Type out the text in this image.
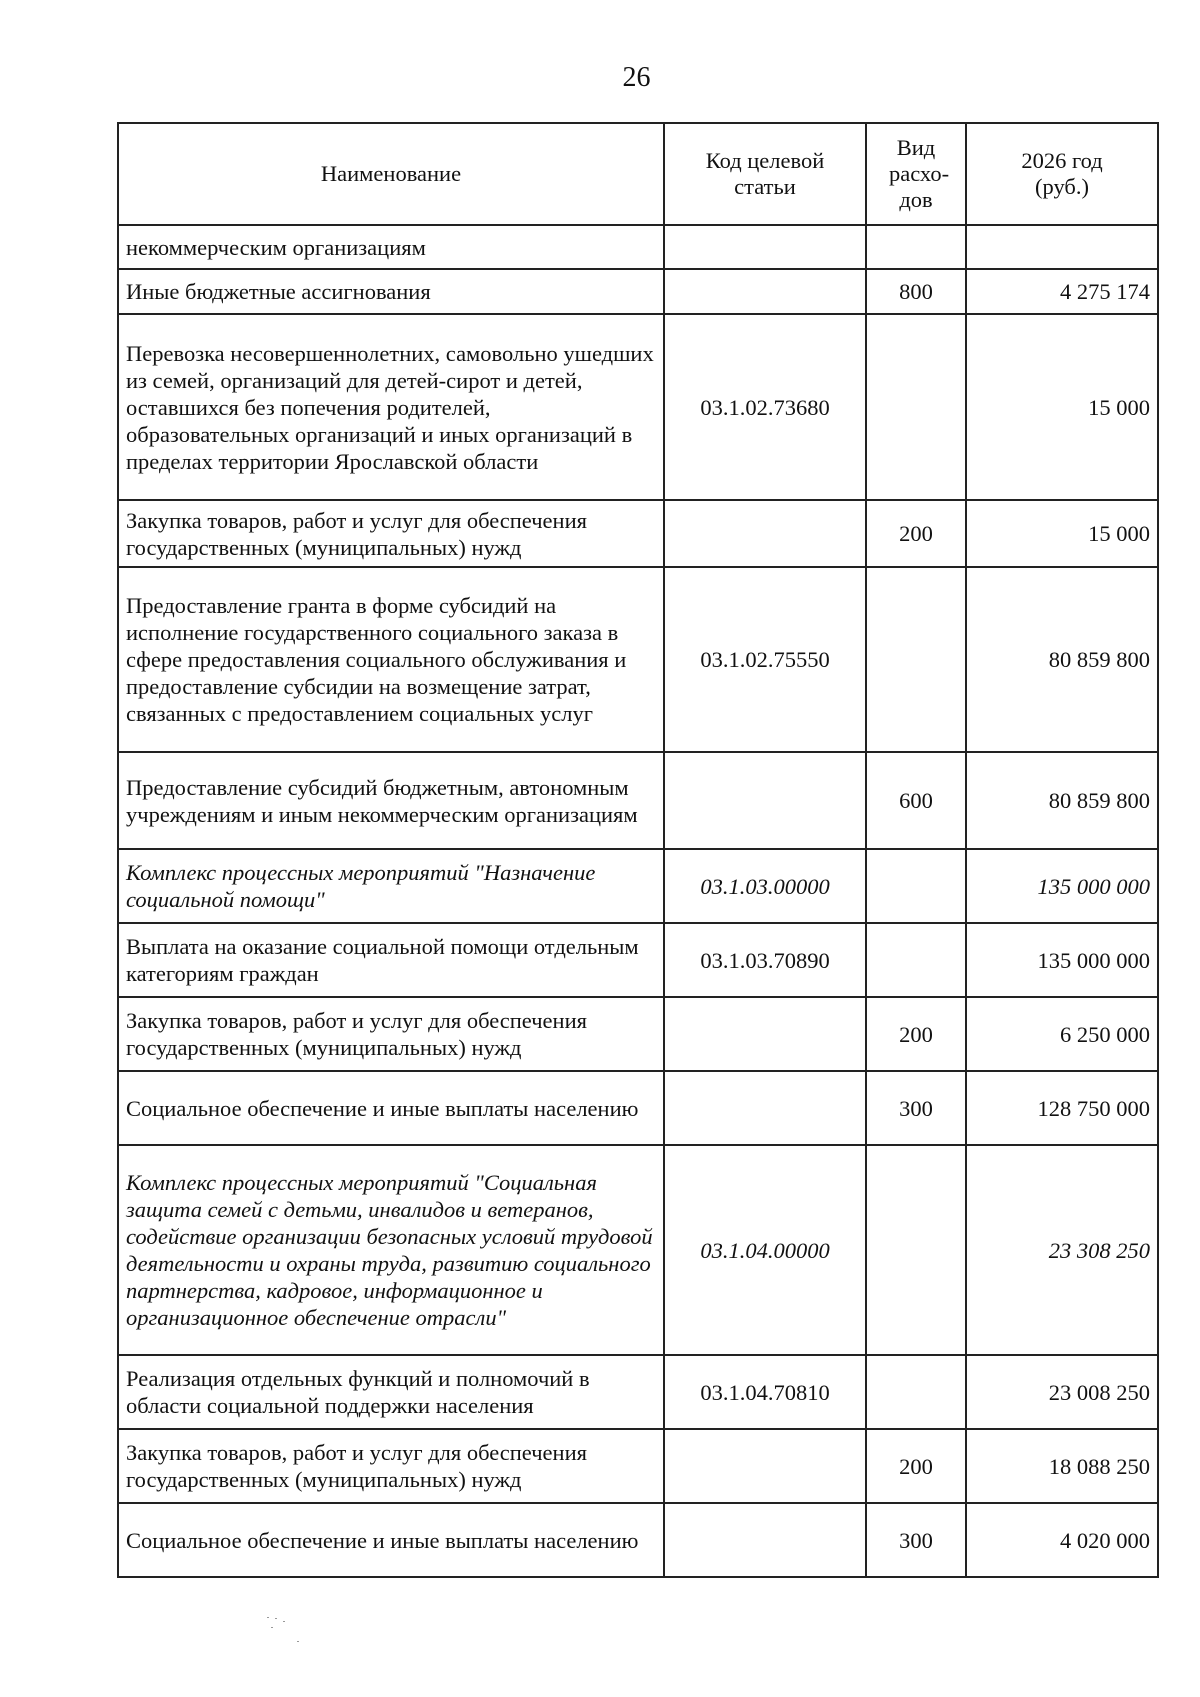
26
Наименование	Код целевой статьи	Вид расхо-дов	2026 год (руб.)
некоммерческим организациям			
Иные бюджетные ассигнования		800	4 275 174
Перевозка несовершеннолетних, самовольно ушедших из семей, организаций для детей-сирот и детей, оставшихся без попечения родителей, образовательных организаций и иных организаций в пределах территории Ярославской области	03.1.02.73680		15 000
Закупка товаров, работ и услуг для обеспечения государственных (муниципальных) нужд		200	15 000
Предоставление гранта в форме субсидий на исполнение государственного социального заказа в сфере предоставления социального обслуживания и предоставление субсидии на возмещение затрат, связанных с предоставлением социальных услуг	03.1.02.75550		80 859 800
Предоставление субсидий бюджетным, автономным учреждениям и иным некоммерческим организациям		600	80 859 800
Комплекс процессных мероприятий "Назначение социальной помощи"	03.1.03.00000		135 000 000
Выплата на оказание социальной помощи отдельным категориям граждан	03.1.03.70890		135 000 000
Закупка товаров, работ и услуг для обеспечения государственных (муниципальных) нужд		200	6 250 000
Социальное обеспечение и иные выплаты населению		300	128 750 000
Комплекс процессных мероприятий "Социальная защита семей с детьми, инвалидов и ветеранов, содействие организации безопасных условий трудовой деятельности и охраны труда, развитию социального партнерства, кадровое, информационное и организационное обеспечение отрасли"	03.1.04.00000		23 308 250
Реализация отдельных функций и полномочий в области социальной поддержки населения	03.1.04.70810		23 008 250
Закупка товаров, работ и услуг для обеспечения государственных (муниципальных) нужд		200	18 088 250
Социальное обеспечение и иные выплаты населению		300	4 020 000
